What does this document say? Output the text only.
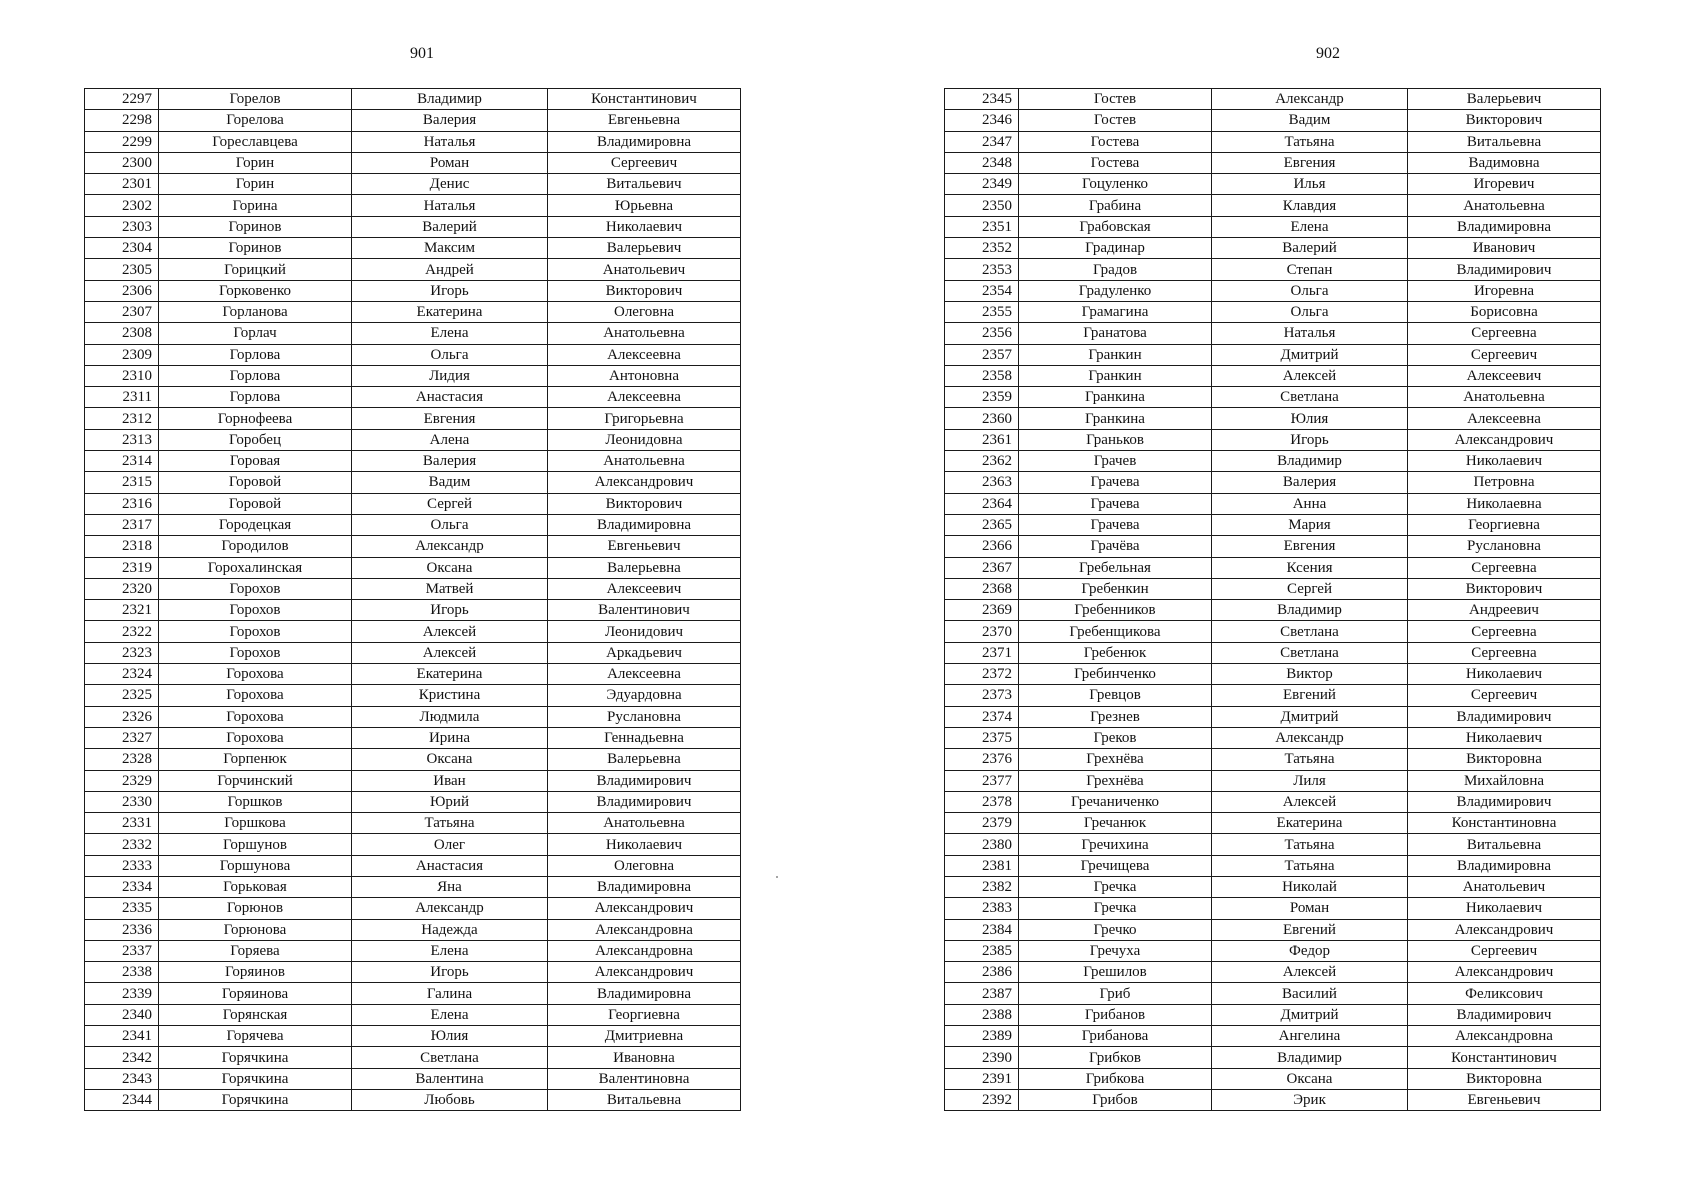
901
2297	Горелов	Владимир	Константинович
2298	Горелова	Валерия	Евгеньевна
2299	Гореславцева	Наталья	Владимировна
2300	Горин	Роман	Сергеевич
2301	Горин	Денис	Витальевич
2302	Горина	Наталья	Юрьевна
2303	Горинов	Валерий	Николаевич
2304	Горинов	Максим	Валерьевич
2305	Горицкий	Андрей	Анатольевич
2306	Горковенко	Игорь	Викторович
2307	Горланова	Екатерина	Олеговна
2308	Горлач	Елена	Анатольевна
2309	Горлова	Ольга	Алексеевна
2310	Горлова	Лидия	Антоновна
2311	Горлова	Анастасия	Алексеевна
2312	Горнофеева	Евгения	Григорьевна
2313	Горобец	Алена	Леонидовна
2314	Горовая	Валерия	Анатольевна
2315	Горовой	Вадим	Александрович
2316	Горовой	Сергей	Викторович
2317	Городецкая	Ольга	Владимировна
2318	Городилов	Александр	Евгеньевич
2319	Горохалинская	Оксана	Валерьевна
2320	Горохов	Матвей	Алексеевич
2321	Горохов	Игорь	Валентинович
2322	Горохов	Алексей	Леонидович
2323	Горохов	Алексей	Аркадьевич
2324	Горохова	Екатерина	Алексеевна
2325	Горохова	Кристина	Эдуардовна
2326	Горохова	Людмила	Руслановна
2327	Горохова	Ирина	Геннадьевна
2328	Горпенюк	Оксана	Валерьевна
2329	Горчинский	Иван	Владимирович
2330	Горшков	Юрий	Владимирович
2331	Горшкова	Татьяна	Анатольевна
2332	Горшунов	Олег	Николаевич
2333	Горшунова	Анастасия	Олеговна
2334	Горьковая	Яна	Владимировна
2335	Горюнов	Александр	Александрович
2336	Горюнова	Надежда	Александровна
2337	Горяева	Елена	Александровна
2338	Горяинов	Игорь	Александрович
2339	Горяинова	Галина	Владимировна
2340	Горянская	Елена	Георгиевна
2341	Горячева	Юлия	Дмитриевна
2342	Горячкина	Светлана	Ивановна
2343	Горячкина	Валентина	Валентиновна
2344	Горячкина	Любовь	Витальевна
902
2345	Гостев	Александр	Валерьевич
2346	Гостев	Вадим	Викторович
2347	Гостева	Татьяна	Витальевна
2348	Гостева	Евгения	Вадимовна
2349	Гоцуленко	Илья	Игоревич
2350	Грабина	Клавдия	Анатольевна
2351	Грабовская	Елена	Владимировна
2352	Градинар	Валерий	Иванович
2353	Градов	Степан	Владимирович
2354	Градуленко	Ольга	Игоревна
2355	Грамагина	Ольга	Борисовна
2356	Гранатова	Наталья	Сергеевна
2357	Гранкин	Дмитрий	Сергеевич
2358	Гранкин	Алексей	Алексеевич
2359	Гранкина	Светлана	Анатольевна
2360	Гранкина	Юлия	Алексеевна
2361	Граньков	Игорь	Александрович
2362	Грачев	Владимир	Николаевич
2363	Грачева	Валерия	Петровна
2364	Грачева	Анна	Николаевна
2365	Грачева	Мария	Георгиевна
2366	Грачёва	Евгения	Руслановна
2367	Гребельная	Ксения	Сергеевна
2368	Гребенкин	Сергей	Викторович
2369	Гребенников	Владимир	Андреевич
2370	Гребенщикова	Светлана	Сергеевна
2371	Гребенюк	Светлана	Сергеевна
2372	Гребинченко	Виктор	Николаевич
2373	Гревцов	Евгений	Сергеевич
2374	Грезнев	Дмитрий	Владимирович
2375	Греков	Александр	Николаевич
2376	Грехнёва	Татьяна	Викторовна
2377	Грехнёва	Лиля	Михайловна
2378	Гречаниченко	Алексей	Владимирович
2379	Гречанюк	Екатерина	Константиновна
2380	Гречихина	Татьяна	Витальевна
2381	Гречищева	Татьяна	Владимировна
2382	Гречка	Николай	Анатольевич
2383	Гречка	Роман	Николаевич
2384	Гречко	Евгений	Александрович
2385	Гречуха	Федор	Сергеевич
2386	Грешилов	Алексей	Александрович
2387	Гриб	Василий	Феликсович
2388	Грибанов	Дмитрий	Владимирович
2389	Грибанова	Ангелина	Александровна
2390	Грибков	Владимир	Константинович
2391	Грибкова	Оксана	Викторовна
2392	Грибов	Эрик	Евгеньевич
